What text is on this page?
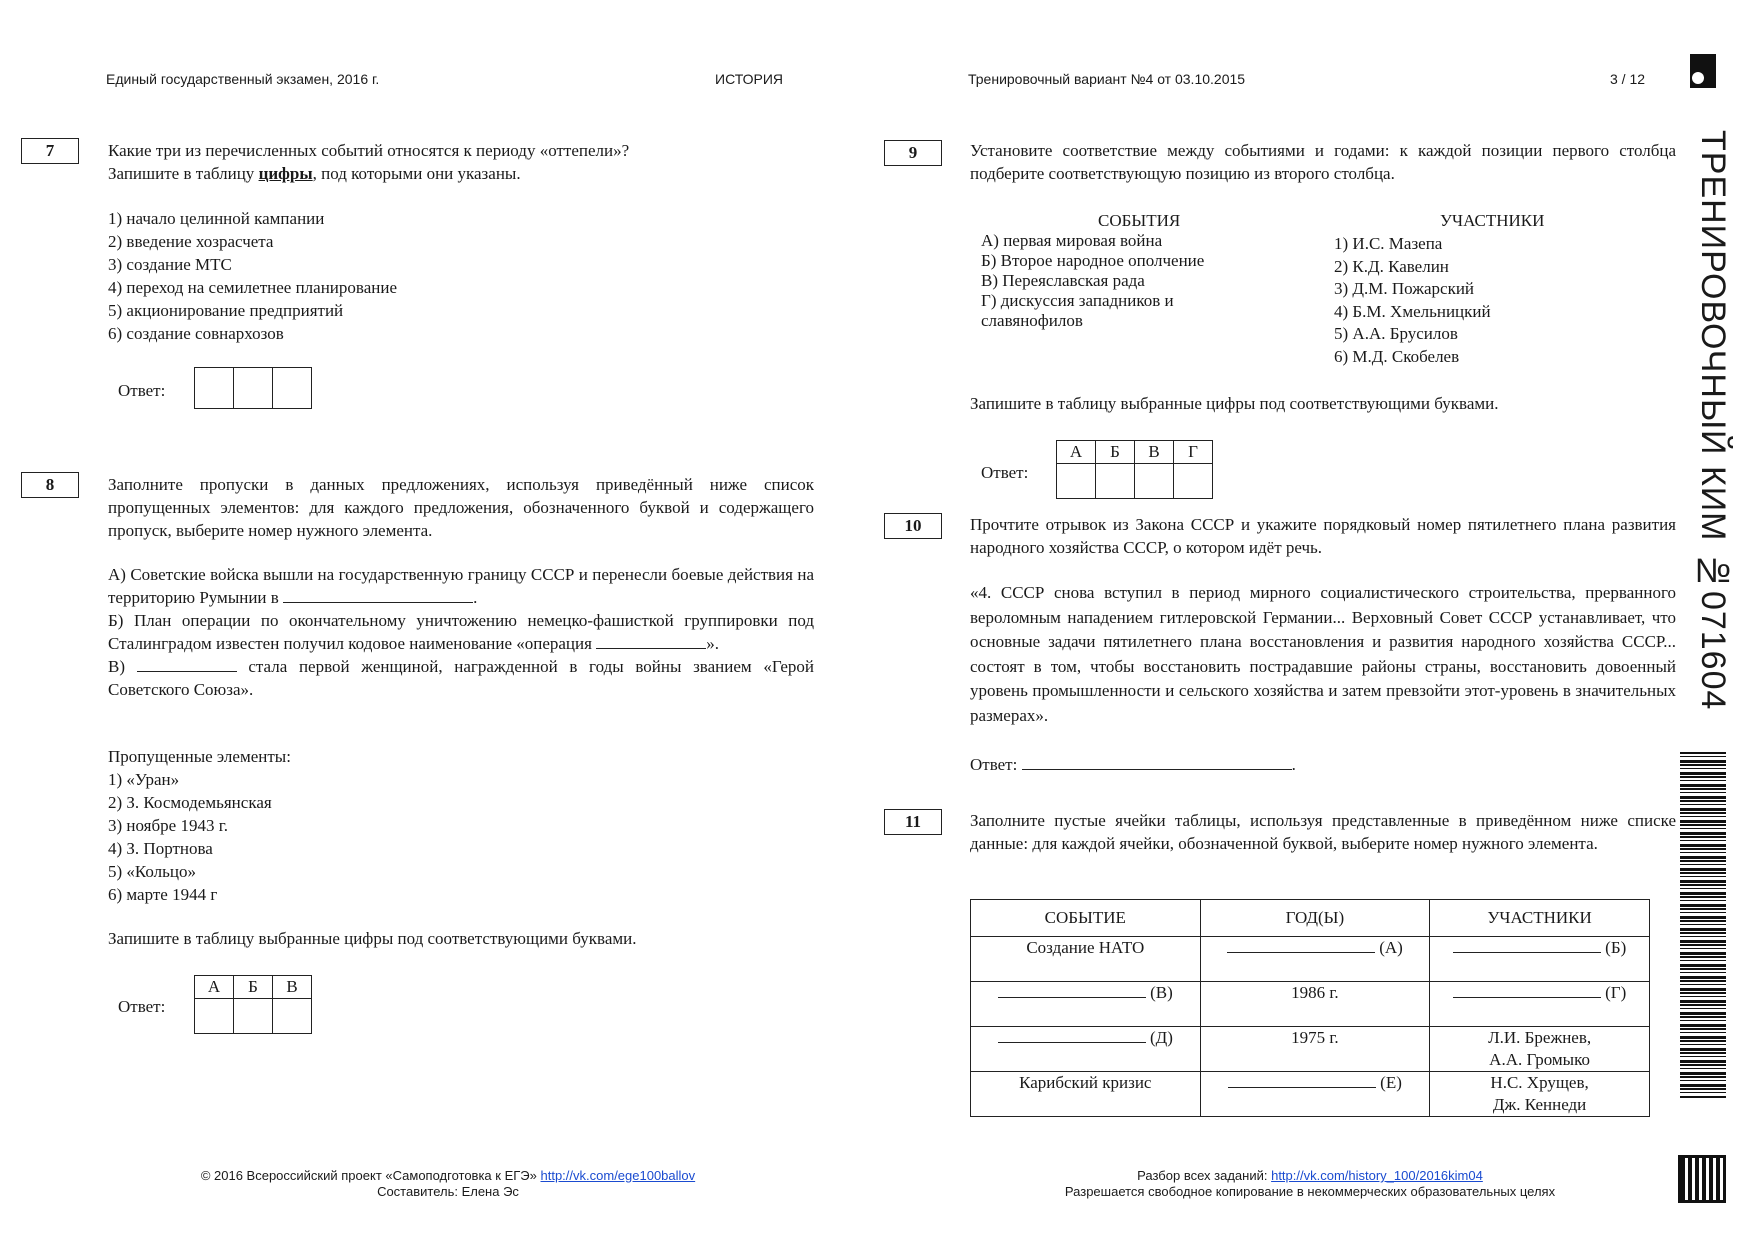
Единый государственный экзамен, 2016 г.	ИСТОРИЯ	Тренировочный вариант №4 от 03.10.2015	3 / 12
7	Какие три из перечисленных событий относятся к периоду «оттепели»?
Запишите в таблицу цифры, под которыми они указаны.
1) начало целинной кампании
2) введение хозрасчета
3) создание МТС
4) переход на семилетнее планирование
5) акционирование предприятий
6) создание совнархозов
Ответ:

8	Заполните пропуски в данных предложениях, используя приведённый ниже список пропущенных элементов: для каждого предложения, обозначенного буквой и содержащего пропуск, выберите номер нужного элемента.
А) Советские войска вышли на государственную границу СССР и перенесли боевые действия на территорию Румынии в	.
Б) План операции по окончательному уничтожению немецко-фашисткой группировки под Сталинградом известен получил кодовое наименование «операция	».
В)	стала первой женщиной, награжденной в годы войны званием «Герой Советского Союза».
Пропущенные элементы:
1) «Уран»
2) З. Космодемьянская
3) ноябре 1943 г.
4) З. Портнова
5) «Кольцо»
6) марте 1944 г
Запишите в таблицу выбранные цифры под соответствующими буквами.
Ответ:
А	Б	В

9	Установите соответствие между событиями и годами: к каждой позиции первого столбца подберите соответствующую позицию из второго столбца.
СОБЫТИЯ
А) первая мировая война
Б) Второе народное ополчение
В) Переяславская рада
Г) дискуссия западников и славянофилов
УЧАСТНИКИ
1) И.С. Мазепа
2) К.Д. Кавелин
3) Д.М. Пожарский
4) Б.М. Хмельницкий
5) А.А. Брусилов
6) М.Д. Скобелев
Запишите в таблицу выбранные цифры под соответствующими буквами.
Ответ:
А	Б	В	Г

10	Прочтите отрывок из Закона СССР и укажите порядковый номер пятилетнего плана развития народного хозяйства СССР, о котором идёт речь.
«4. СССР снова вступил в период мирного социалистического строительства, прерванного вероломным нападением гитлеровской Германии... Верховный Совет СССР устанавливает, что основные задачи пятилетнего плана восстановления и развития народного хозяйства СССР... состоят в том, чтобы восстановить пострадавшие районы страны, восстановить довоенный уровень промышленности и сельского хозяйства и затем превзойти этот-уровень в значительных размерах».
Ответ:	.
11	Заполните пустые ячейки таблицы, используя представленные в приведённом ниже списке данные: для каждой ячейки, обозначенной буквой, выберите номер нужного элемента.
СОБЫТИЕ	ГОД(Ы)	УЧАСТНИКИ
Создание НАТО	(А)	(Б)
(В)	1986 г.	(Г)
(Д)	1975 г.	Л.И. Брежнев,
А.А. Громыко

Карибский кризис	(Е)	Н.С. Хрущев,
Дж. Кеннеди
ТРЕНИРОВОЧНЫЙ КИМ №071604
© 2016 Всероссийский проект «Самоподготовка к ЕГЭ» http://vk.com/ege100ballov
Составитель: Елена Эс
Разбор всех заданий: http://vk.com/history_100/2016kim04
Разрешается свободное копирование в некоммерческих образовательных целях
